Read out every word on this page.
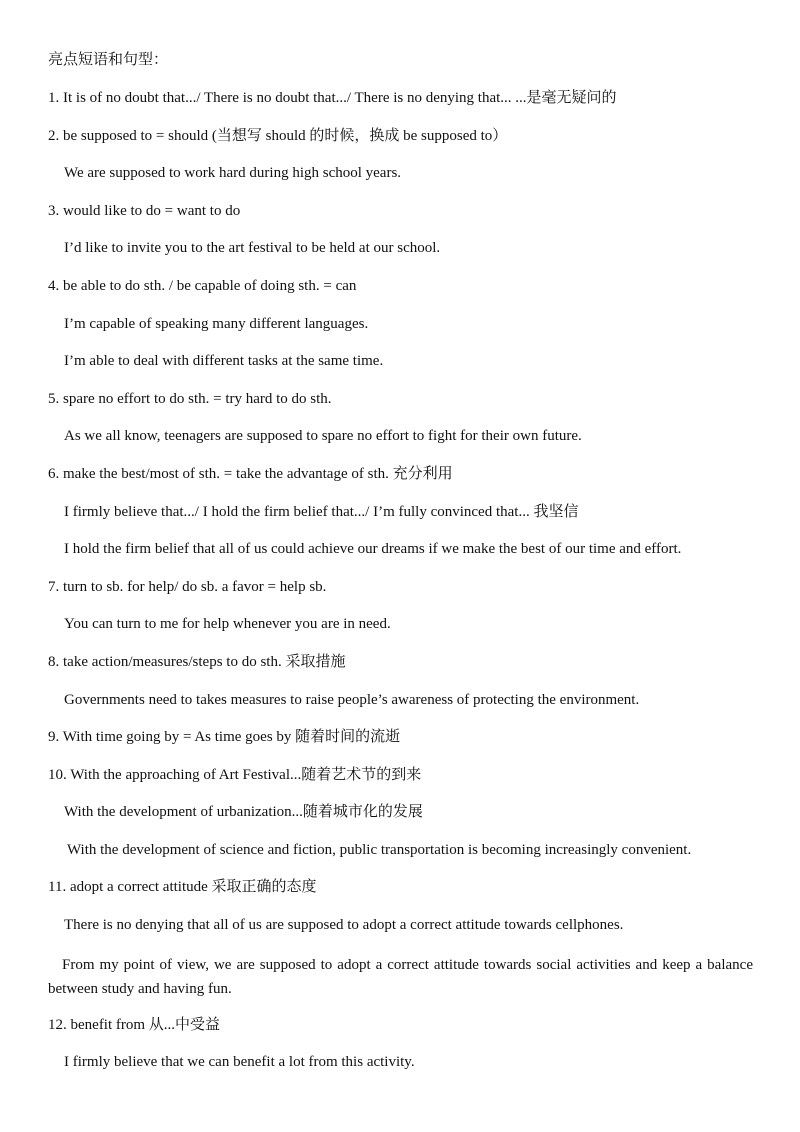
亮点短语和句型：
1. It is of no doubt that.../ There is no doubt that.../ There is no denying that... ...是毫无疑问的
2. be supposed to = should (当想写 should 的时候，换成 be supposed to）
We are supposed to work hard during high school years.
3. would like to do = want to do
I’d like to invite you to the art festival to be held at our school.
4. be able to do sth. / be capable of doing sth. = can
I’m capable of speaking many different languages.
I’m able to deal with different tasks at the same time.
5. spare no effort to do sth. = try hard to do sth.
As we all know, teenagers are supposed to spare no effort to fight for their own future.
6. make the best/most of sth. = take the advantage of sth. 充分利用
I firmly believe that.../ I hold the firm belief that.../ I’m fully convinced that... 我坚信
I hold the firm belief that all of us could achieve our dreams if we make the best of our time and effort.
7. turn to sb. for help/ do sb. a favor = help sb.
You can turn to me for help whenever you are in need.
8. take action/measures/steps to do sth. 采取措施
Governments need to takes measures to raise people’s awareness of protecting the environment.
9. With time going by = As time goes by 随着时间的流逝
10. With the approaching of Art Festival...随着艺术节的到来
With the development of urbanization...随着城市化的发展
With the development of science and fiction, public transportation is becoming increasingly convenient.
11. adopt a correct attitude 采取正确的态度
There is no denying that all of us are supposed to adopt a correct attitude towards cellphones.
From my point of view, we are supposed to adopt a correct attitude towards social activities and keep a balance between study and having fun.
12. benefit from 从...中受益
I firmly believe that we can benefit a lot from this activity.
